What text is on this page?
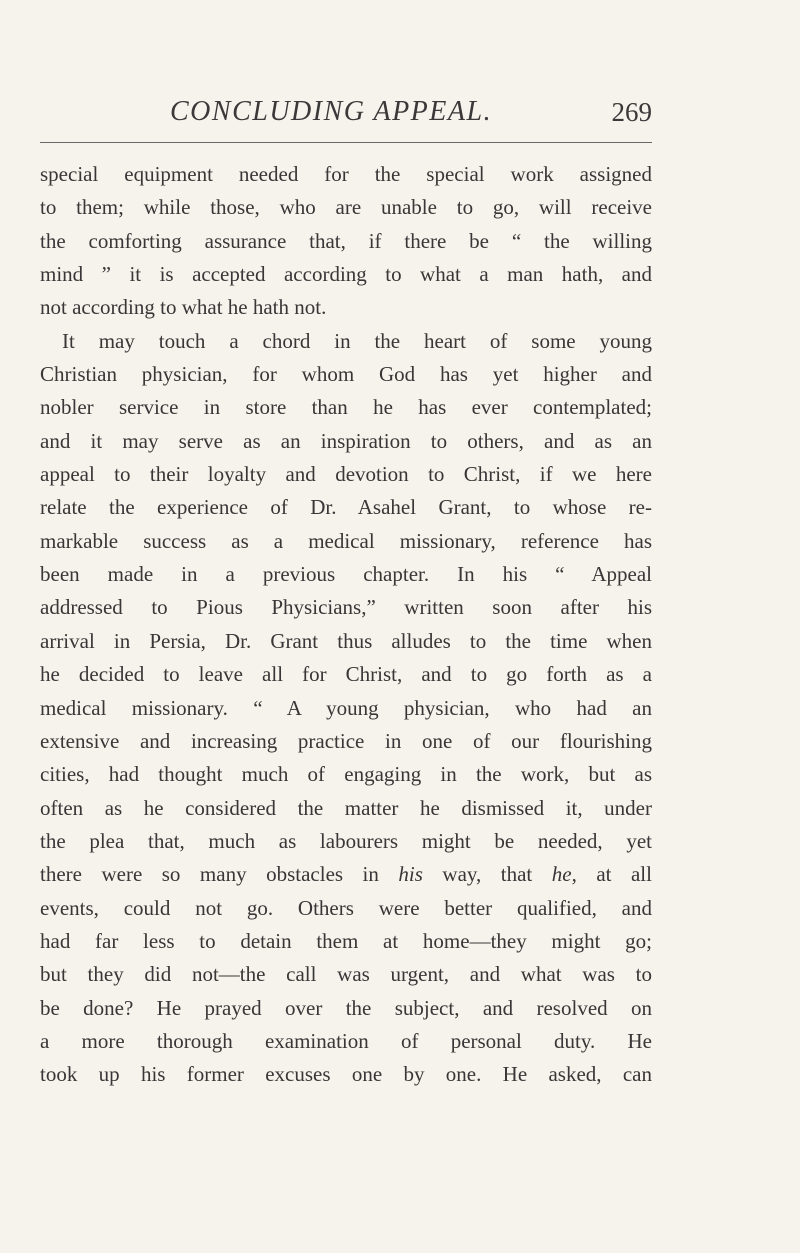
CONCLUDING APPEAL.	269
special equipment needed for the special work assigned
to them; while those, who are unable to go, will receive
the comforting assurance that, if there be “ the willing
mind ” it is accepted according to what a man hath, and
not according to what he hath not.
It may touch a chord in the heart of some young
Christian physician, for whom God has yet higher and
nobler service in store than he has ever contemplated;
and it may serve as an inspiration to others, and as an
appeal to their loyalty and devotion to Christ, if we here
relate the experience of Dr. Asahel Grant, to whose re-
markable success as a medical missionary, reference has
been made in a previous chapter. In his “ Appeal
addressed to Pious Physicians,” written soon after his
arrival in Persia, Dr. Grant thus alludes to the time when
he decided to leave all for Christ, and to go forth as a
medical missionary. “ A young physician, who had an
extensive and increasing practice in one of our flourishing
cities, had thought much of engaging in the work, but as
often as he considered the matter he dismissed it, under
the plea that, much as labourers might be needed, yet
there were so many obstacles in his way, that he, at all
events, could not go. Others were better qualified, and
had far less to detain them at home—they might go;
but they did not—the call was urgent, and what was to
be done? He prayed over the subject, and resolved on
a more thorough examination of personal duty. He
took up his former excuses one by one. He asked, can
